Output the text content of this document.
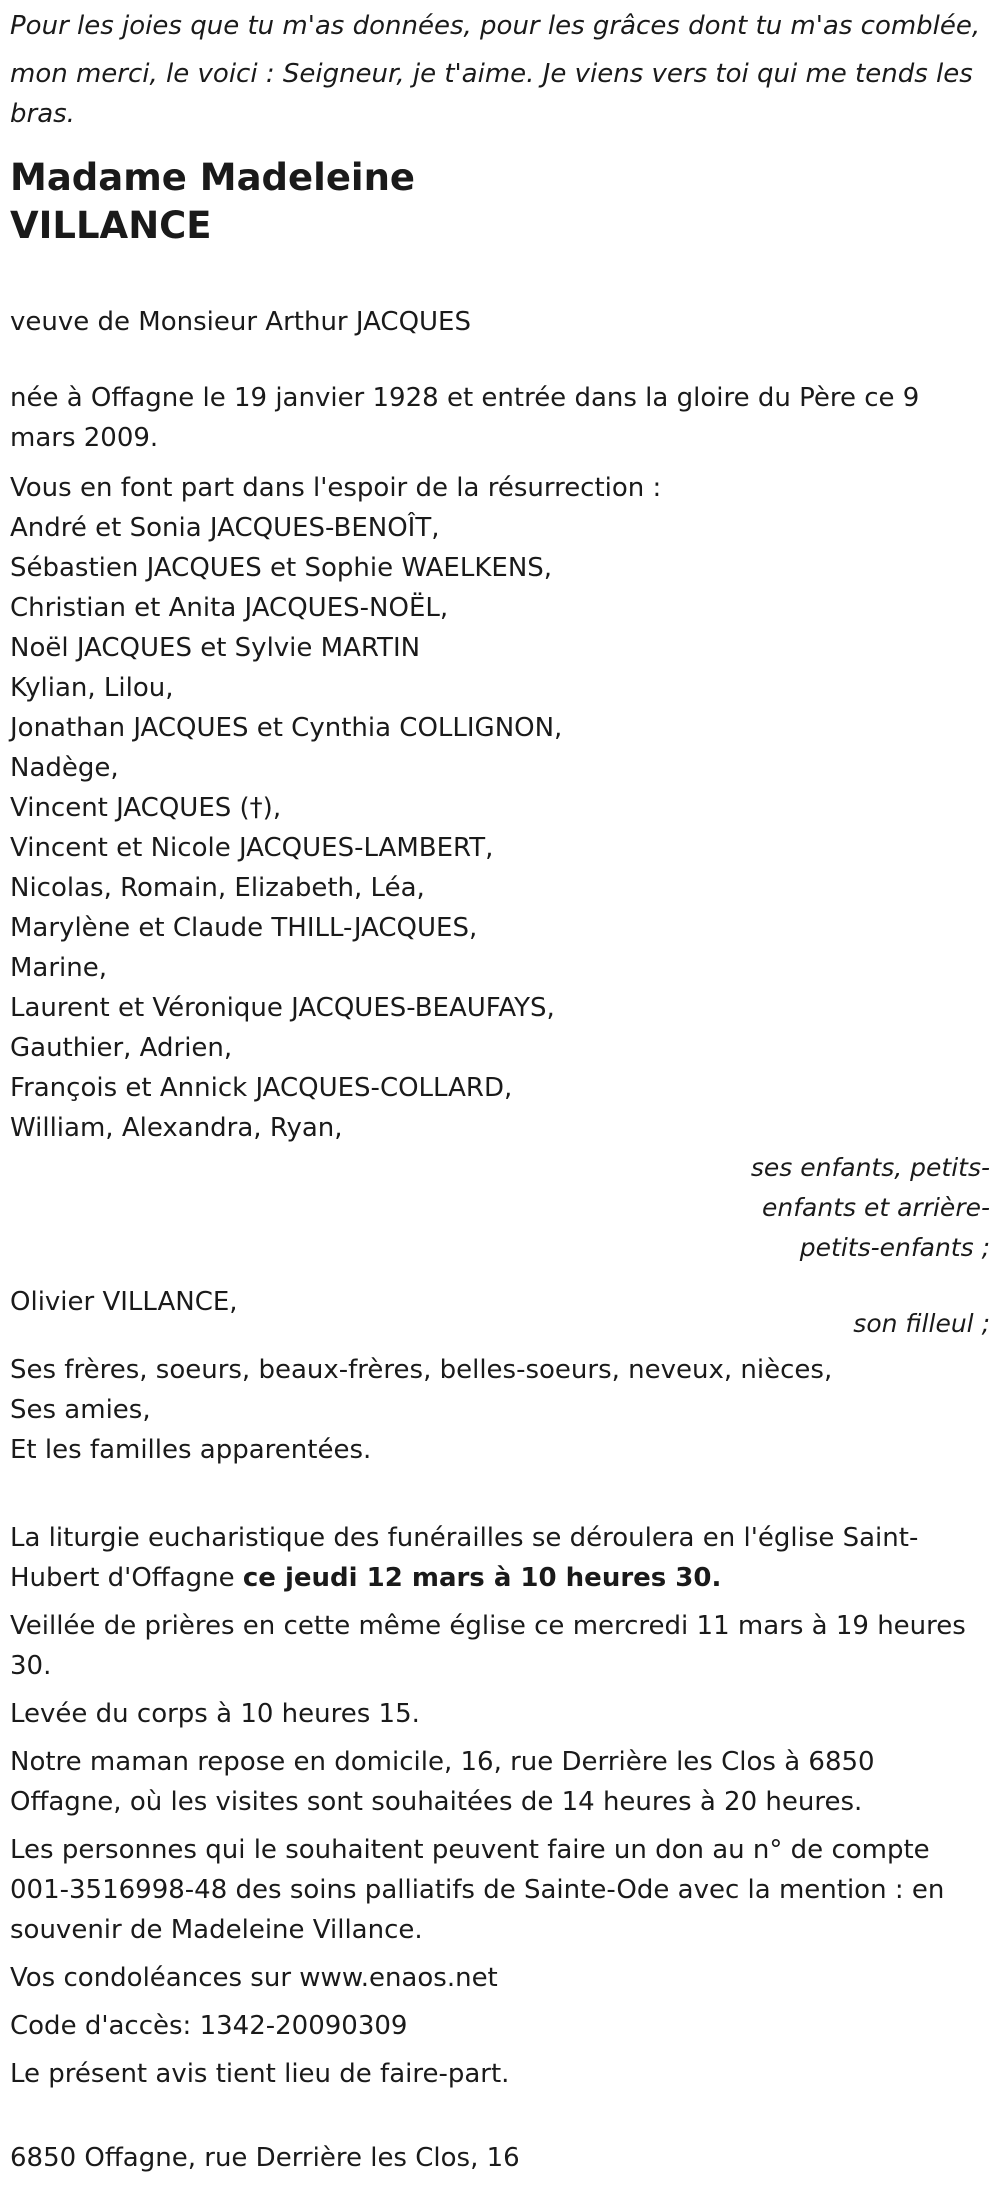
Pour les joies que tu m'as données, pour les grâces dont tu m'as comblée,

mon merci, le voici : Seigneur, je t'aime. Je viens vers toi qui me tends les bras.

Madame Madeleine
VILLANCE

veuve de Monsieur Arthur JACQUES

née à Offagne le 19 janvier 1928 et entrée dans la gloire du Père ce 9 mars 2009.

Vous en font part dans l'espoir de la résurrection :

André et Sonia JACQUES-BENOÎT,
Sébastien JACQUES et Sophie WAELKENS,
Christian et Anita JACQUES-NOËL,
Noël JACQUES et Sylvie MARTIN
Kylian, Lilou,
Jonathan JACQUES et Cynthia COLLIGNON,
Nadège,
Vincent JACQUES (†),
Vincent et Nicole JACQUES-LAMBERT,
Nicolas, Romain, Elizabeth, Léa,
Marylène et Claude THILL-JACQUES,
Marine,
Laurent et Véronique JACQUES-BEAUFAYS,
Gauthier, Adrien,
François et Annick JACQUES-COLLARD,
William, Alexandra, Ryan,
ses enfants, petits-
enfants et arrière-
petits-enfants ;
Olivier VILLANCE,
son filleul ;
Ses frères, soeurs, beaux-frères, belles-soeurs, neveux, nièces,
Ses amies,
Et les familles apparentées.

La liturgie eucharistique des funérailles se déroulera en l'église Saint-Hubert d'Offagne ce jeudi 12 mars à 10 heures 30.

Veillée de prières en cette même église ce mercredi 11 mars à 19 heures 30.

Levée du corps à 10 heures 15.

Notre maman repose en domicile, 16, rue Derrière les Clos à 6850 Offagne, où les visites sont souhaitées de 14 heures à 20 heures.

Les personnes qui le souhaitent peuvent faire un don au n° de compte 001-3516998-48 des soins palliatifs de Sainte-Ode avec la mention : en souvenir de Madeleine Villance.

Vos condoléances sur www.enaos.net

Code d'accès: 1342-20090309

Le présent avis tient lieu de faire-part.

6850 Offagne, rue Derrière les Clos, 16
